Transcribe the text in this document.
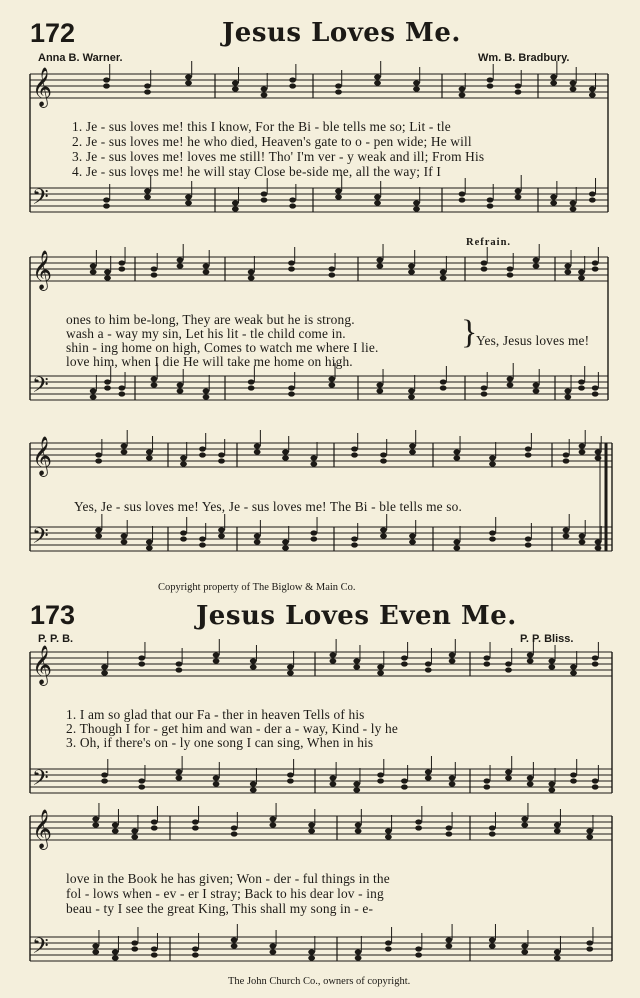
𝄞
𝄢
𝄞
𝄢
𝄞
𝄢
𝄞
𝄢
𝄞
𝄢
172	Jesus Loves Me.
Anna B. Warner.	Wm. B. Bradbury.
1. Je - sus loves me! this I know, For the Bi - ble tells me so; Lit - tle
2. Je - sus loves me! he who died, Heaven's gate to o - pen wide; He will
3. Je - sus loves me! loves me still! Tho' I'm ver - y weak and ill; From His
4. Je - sus loves me! he will stay Close be-side me, all the way; If I
Refrain.
ones to him be-long, They are weak but he is strong.
wash a - way my sin, Let his lit - tle child come in.
shin - ing home on high, Comes to watch me where I lie.
love him, when I die He will take me home on high.
}
Yes, Jesus loves me!
Yes, Je - sus loves me! Yes, Je - sus loves me! The Bi - ble tells me so.
Copyright property of The Biglow & Main Co.
173	Jesus Loves Even Me.
P. P. B.	P. P. Bliss.
1. I am so glad that our Fa - ther in heaven Tells of his
2. Though I for - get him and wan - der a - way, Kind - ly he
3. Oh, if there's on - ly one song I can sing, When in his
love in the Book he has given; Won - der - ful things in the
fol - lows when - ev - er I stray; Back to his dear lov - ing
beau - ty I see the great King, This shall my song in - e-
The John Church Co., owners of copyright.
